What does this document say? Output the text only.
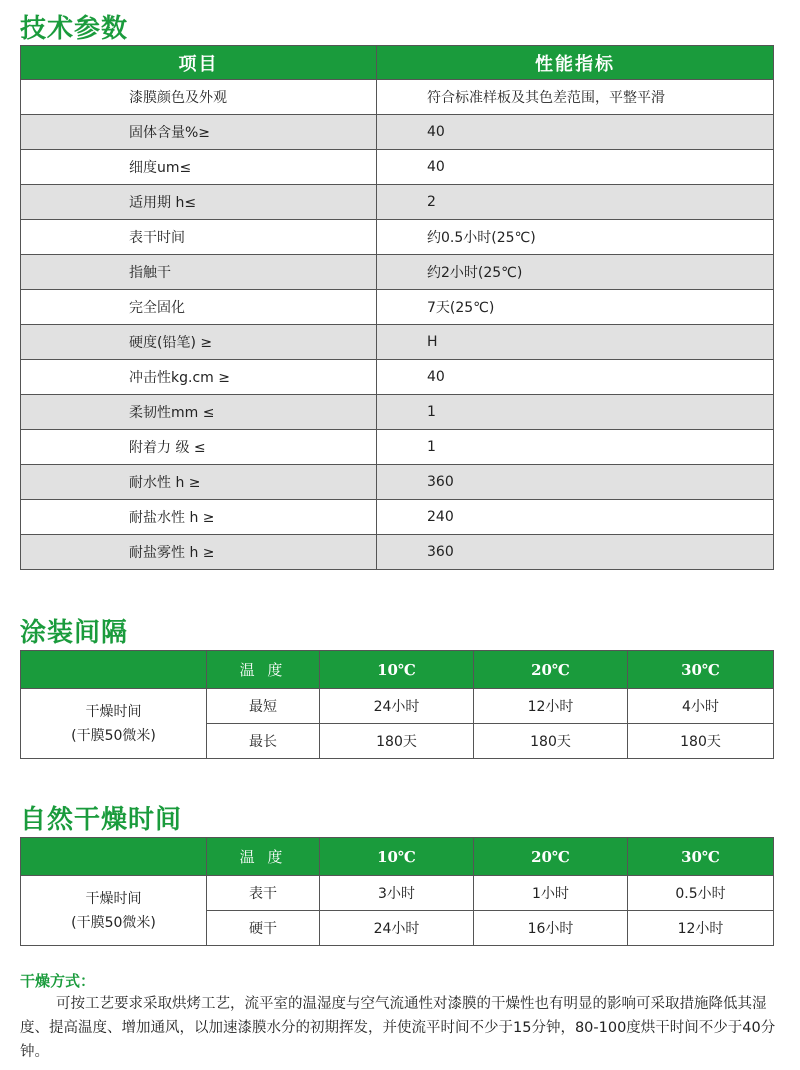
技术参数
项目	性能指标
漆膜颜色及外观	符合标准样板及其色差范围，平整平滑
固体含量%≥	40
细度um≤	40
适用期 h≤	2
表干时间	约0.5小时(25℃)
指触干	约2小时(25℃)
完全固化	7天(25℃)
硬度(铅笔) ≥	H
冲击性kg.cm ≥	40
柔韧性mm ≤	1
附着力 级 ≤	1
耐水性 h ≥	360
耐盐水性 h ≥	240
耐盐雾性 h ≥	360
涂装间隔
	温 度	10℃	20℃	30℃

干燥时间
(干膜50微米)	最短	24小时	12小时	4小时
	最长	180天	180天	180天
自然干燥时间
	温 度	10℃	20℃	30℃

干燥时间
(干膜50微米)	表干	3小时	1小时	0.5小时
	硬干	24小时	16小时	12小时
干燥方式：
可按工艺要求采取烘烤工艺，流平室的温湿度与空气流通性对漆膜的干燥性也有明显的影响可采取措施降低其湿度、提高温度、增加通风，以加速漆膜水分的初期挥发，并使流平时间不少于15分钟，80-100度烘干时间不少于40分钟。
